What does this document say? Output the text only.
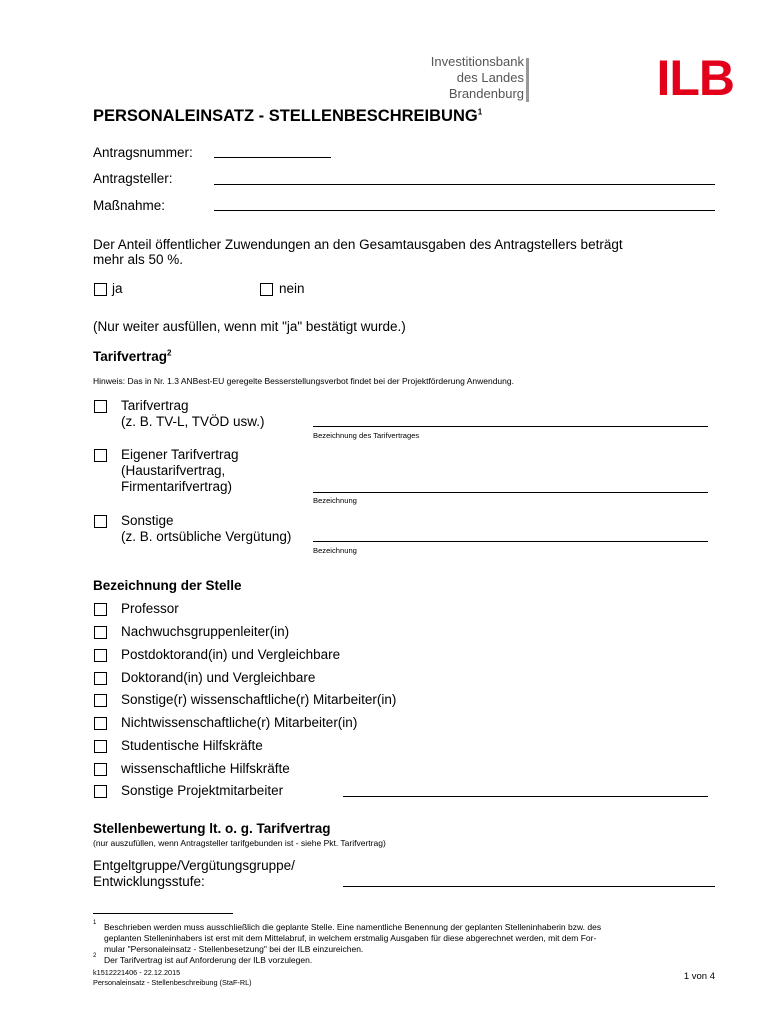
Investitionsbank
des Landes
Brandenburg	ILB
PERSONALEINSATZ - STELLENBESCHREIBUNG$^1$
Antragsnummer:
Antragsteller:
Maßnahme:
Der Anteil öffentlicher Zuwendungen an den Gesamtausgaben des Antragstellers beträgt
mehr als 50 %.
ja	nein
(Nur weiter ausfüllen, wenn mit "ja" bestätigt wurde.)
Tarifvertrag$^2$
Hinweis: Das in Nr. 1.3 ANBest-EU geregelte Besserstellungsverbot findet bei der Projektförderung Anwendung.
Tarifvertrag
(z. B. TV-L, TVÖD usw.)
Bezeichnung des Tarifvertrages
Eigener Tarifvertrag
(Haustarifvertrag,
Firmentarifvertrag)
Bezeichnung
Sonstige
(z. B. ortsübliche Vergütung)
Bezeichnung
Bezeichnung der Stelle
Professor
Nachwuchsgruppenleiter(in)
Postdoktorand(in) und Vergleichbare
Doktorand(in) und Vergleichbare
Sonstige(r) wissenschaftliche(r) Mitarbeiter(in)
Nichtwissenschaftliche(r) Mitarbeiter(in)
Studentische Hilfskräfte
wissenschaftliche Hilfskräfte
Sonstige Projektmitarbeiter
Stellenbewertung lt. o. g. Tarifvertrag
(nur auszufüllen, wenn Antragsteller tarifgebunden ist - siehe Pkt. Tarifvertrag)
Entgeltgruppe/Vergütungsgruppe/
Entwicklungsstufe:
1 Beschrieben werden muss ausschließlich die geplante Stelle. Eine namentliche Benennung der geplanten Stelleninhaberin bzw. des
geplanten Stelleninhabers ist erst mit dem Mittelabruf, in welchem erstmalig Ausgaben für diese abgerechnet werden, mit dem For-
mular "Personaleinsatz - Stellenbesetzung" bei der ILB einzureichen.
2 Der Tarifvertrag ist auf Anforderung der ILB vorzulegen.
k1512221406 - 22.12.2015
Personaleinsatz - Stellenbeschreibung (StaF-RL)
1 von 4
